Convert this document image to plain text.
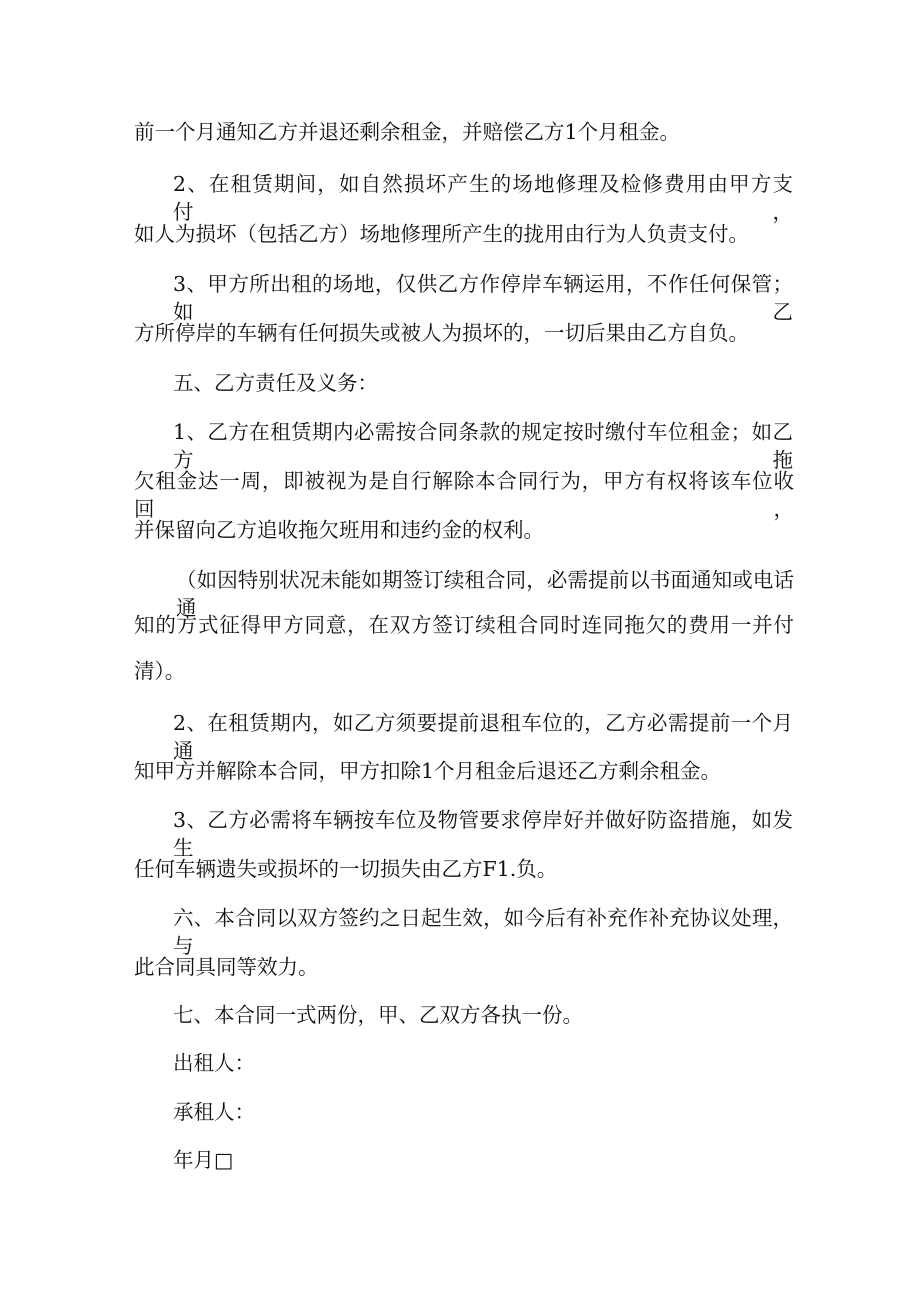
前一个月通知乙方并退还剩余租金，并赔偿乙方1个月租金。
2、在租赁期间，如自然损坏产生的场地修理及检修费用由甲方支付，
如人为损坏（包括乙方）场地修理所产生的拢用由行为人负责支付。
3、甲方所出租的场地，仅供乙方作停岸车辆运用，不作任何保管；如乙
方所停岸的车辆有任何损失或被人为损坏的，一切后果由乙方自负。
五、乙方责任及义务：
1、乙方在租赁期内必需按合同条款的规定按时缴付车位租金；如乙方拖
欠租金达一周，即被视为是自行解除本合同行为，甲方有权将该车位收回，
并保留向乙方追收拖欠班用和违约金的权利。
（如因特别状况未能如期签订续租合同，必需提前以书面通知或电话通
知的方式征得甲方同意，在双方签订续租合同时连同拖欠的费用一并付
清）。
2、在租赁期内，如乙方须要提前退租车位的，乙方必需提前一个月通
知甲方并解除本合同，甲方扣除1个月租金后退还乙方剩余租金。
3、乙方必需将车辆按车位及物管要求停岸好并做好防盗措施，如发生
任何车辆遗失或损坏的一切损失由乙方F1.负。
六、本合同以双方签约之日起生效，如今后有补充作补充协议处理，与
此合同具同等效力。
七、本合同一式两份，甲、乙双方各执一份。
出租人：
承租人：
年月□
